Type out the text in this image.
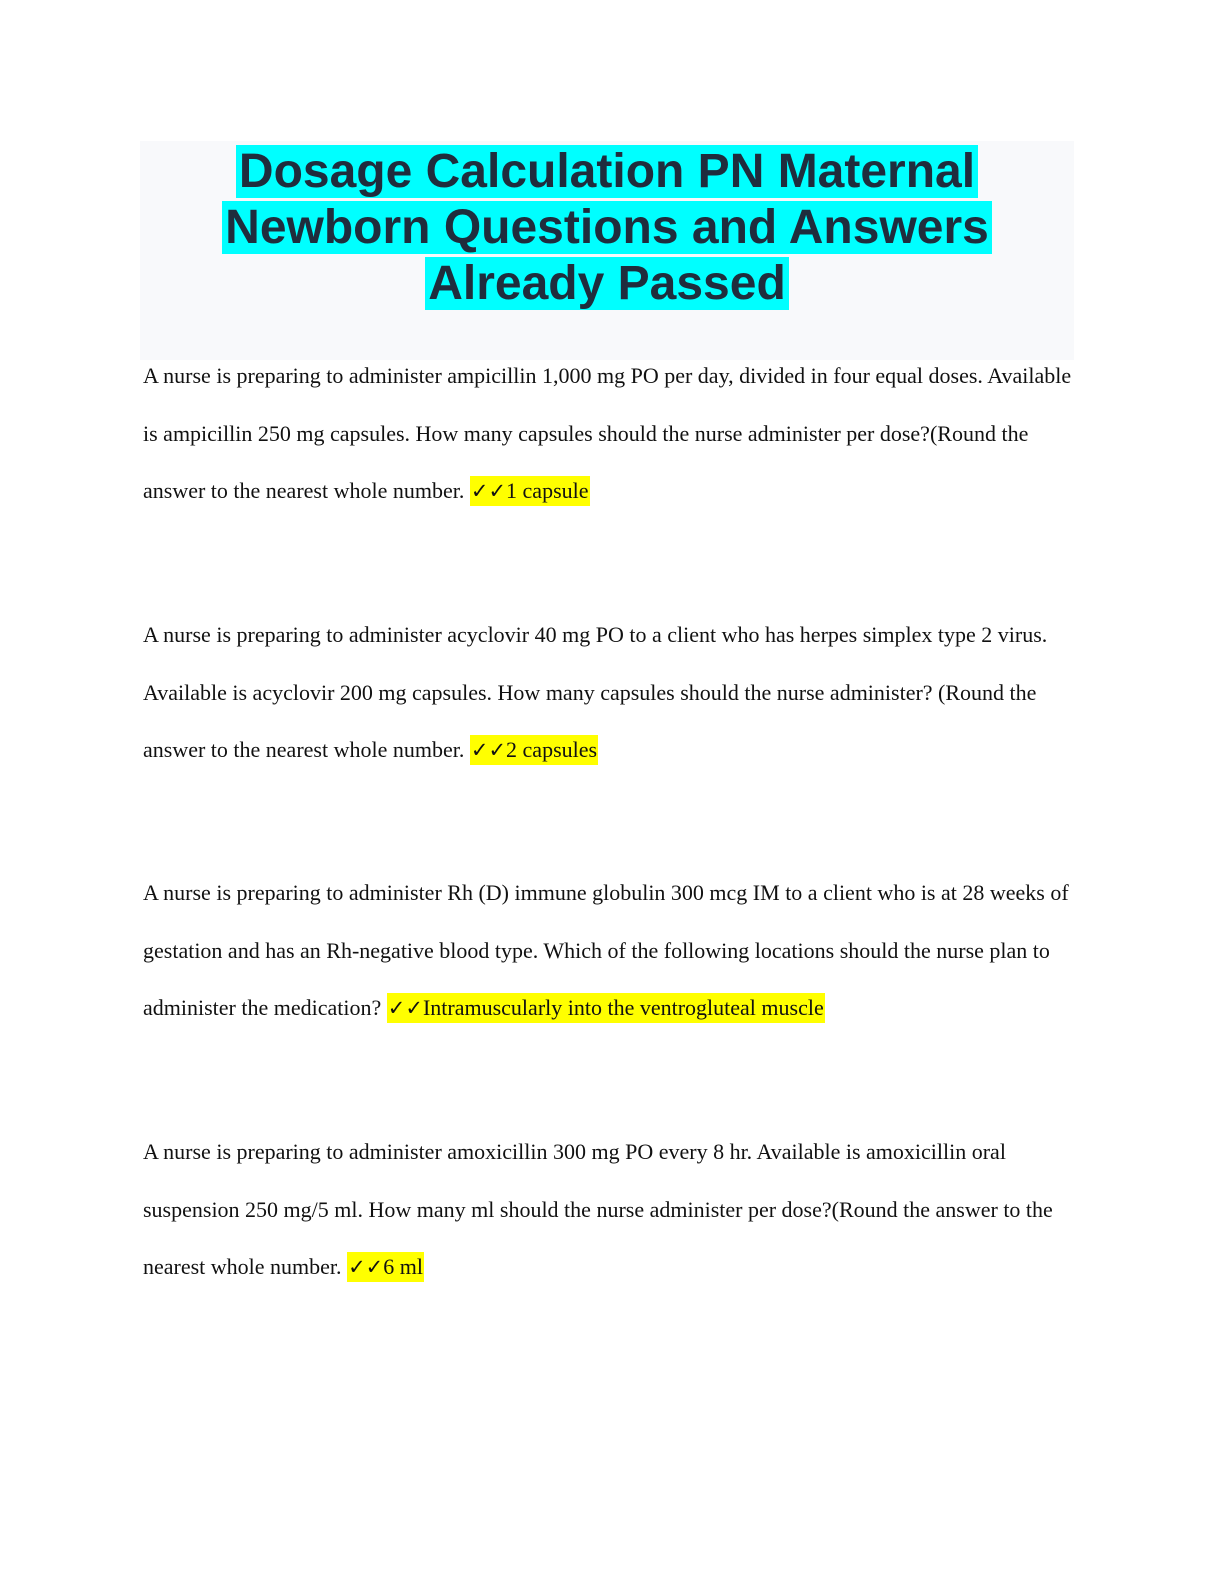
Dosage Calculation PN Maternal
Newborn Questions and Answers
Already Passed
A nurse is preparing to administer ampicillin 1,000 mg PO per day, divided in four equal doses. Available is ampicillin 250 mg capsules. How many capsules should the nurse administer per dose?(Round the answer to the nearest whole number. ✓✓1 capsule
A nurse is preparing to administer acyclovir 40 mg PO to a client who has herpes simplex type 2 virus. Available is acyclovir 200 mg capsules. How many capsules should the nurse administer? (Round the answer to the nearest whole number. ✓✓2 capsules
A nurse is preparing to administer Rh (D) immune globulin 300 mcg IM to a client who is at 28 weeks of gestation and has an Rh-negative blood type. Which of the following locations should the nurse plan to administer the medication? ✓✓Intramuscularly into the ventrogluteal muscle
A nurse is preparing to administer amoxicillin 300 mg PO every 8 hr. Available is amoxicillin oral suspension 250 mg/5 ml. How many ml should the nurse administer per dose?(Round the answer to the nearest whole number. ✓✓6 ml
